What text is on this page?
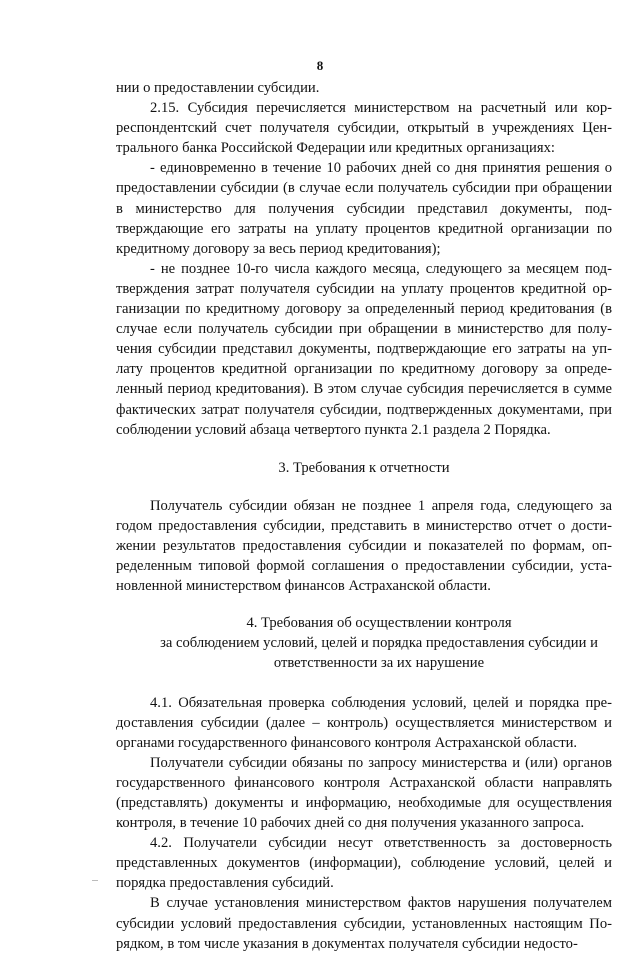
8

нии о предоставлении субсидии.

2.15. Субсидия перечисляется министерством на расчетный или корреспондентский счет получателя субсидии, открытый в учреждениях Центрального банка Российской Федерации или кредитных организациях:

- единовременно в течение 10 рабочих дней со дня принятия решения о предоставлении субсидии (в случае если получатель субсидии при обращении в министерство для получения субсидии представил документы, подтверждающие его затраты на уплату процентов кредитной организации по кредитному договору за весь период кредитования);

- не позднее 10-го числа каждого месяца, следующего за месяцем подтверждения затрат получателя субсидии на уплату процентов кредитной организации по кредитному договору за определенный период кредитования (в случае если получатель субсидии при обращении в министерство для получения субсидии представил документы, подтверждающие его затраты на уплату процентов кредитной организации по кредитному договору за определенный период кредитования). В этом случае субсидия перечисляется в сумме фактических затрат получателя субсидии, подтвержденных документами, при соблюдении условий абзаца четвертого пункта 2.1 раздела 2 Порядка.

3. Требования к отчетности

Получатель субсидии обязан не позднее 1 апреля года, следующего за годом предоставления субсидии, представить в министерство отчет о достижении результатов предоставления субсидии и показателей по формам, определенным типовой формой соглашения о предоставлении субсидии, установленной министерством финансов Астраханской области.

4. Требования об осуществлении контроля
за соблюдением условий, целей и порядка предоставления субсидии и
ответственности за их нарушение

4.1. Обязательная проверка соблюдения условий, целей и порядка предоставления субсидии (далее – контроль) осуществляется министерством и органами государственного финансового контроля Астраханской области.

Получатели субсидии обязаны по запросу министерства и (или) органов государственного финансового контроля Астраханской области направлять (представлять) документы и информацию, необходимые для осуществления контроля, в течение 10 рабочих дней со дня получения указанного запроса.

4.2. Получатели субсидии несут ответственность за достоверность представленных документов (информации), соблюдение условий, целей и порядка предоставления субсидий.

В случае установления министерством фактов нарушения получателем субсидии условий предоставления субсидии, установленных настоящим Порядком, в том числе указания в документах получателя субсидии недосто-
